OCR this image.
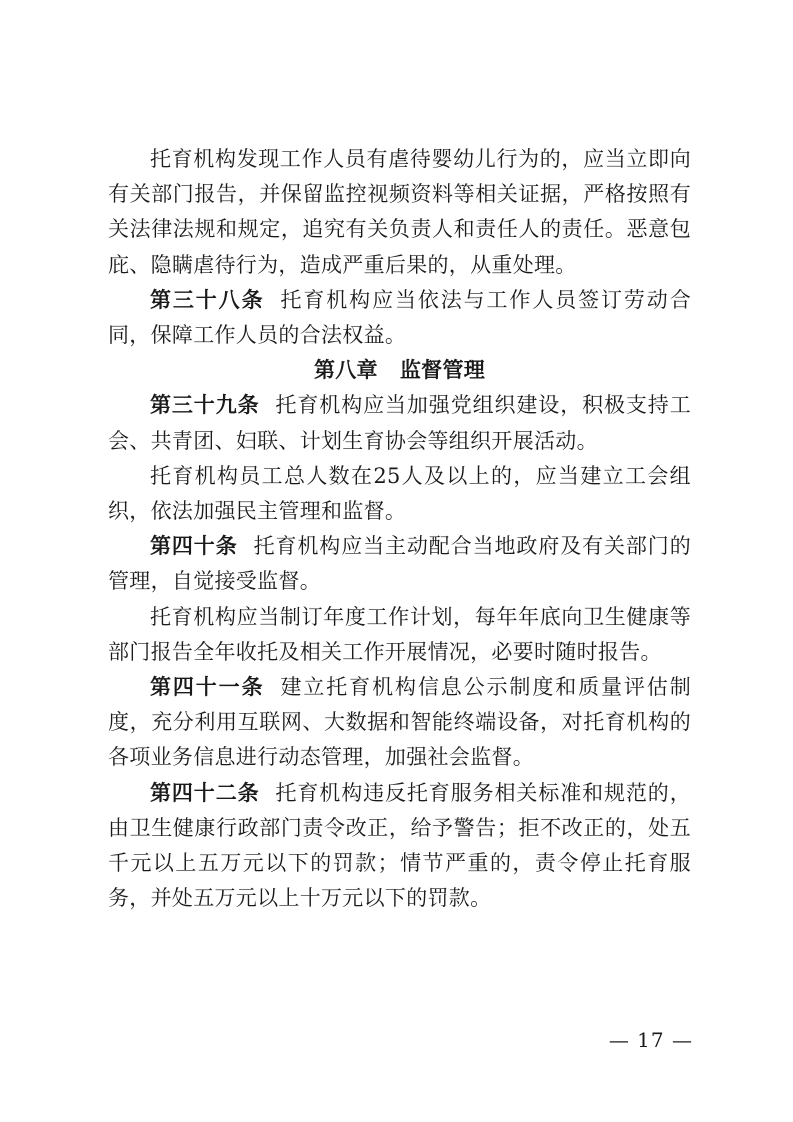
托育机构发现工作人员有虐待婴幼儿行为的，应当立即向有关部门报告，并保留监控视频资料等相关证据，严格按照有关法律法规和规定，追究有关负责人和责任人的责任。恶意包庇、隐瞒虐待行为，造成严重后果的，从重处理。

第三十八条 托育机构应当依法与工作人员签订劳动合同，保障工作人员的合法权益。

第八章 监督管理

第三十九条 托育机构应当加强党组织建设，积极支持工会、共青团、妇联、计划生育协会等组织开展活动。

托育机构员工总人数在25人及以上的，应当建立工会组织，依法加强民主管理和监督。

第四十条 托育机构应当主动配合当地政府及有关部门的管理，自觉接受监督。

托育机构应当制订年度工作计划，每年年底向卫生健康等部门报告全年收托及相关工作开展情况，必要时随时报告。

第四十一条 建立托育机构信息公示制度和质量评估制度，充分利用互联网、大数据和智能终端设备，对托育机构的各项业务信息进行动态管理，加强社会监督。

第四十二条 托育机构违反托育服务相关标准和规范的，由卫生健康行政部门责令改正，给予警告；拒不改正的，处五千元以上五万元以下的罚款；情节严重的，责令停止托育服务，并处五万元以上十万元以下的罚款。

— 17 —
